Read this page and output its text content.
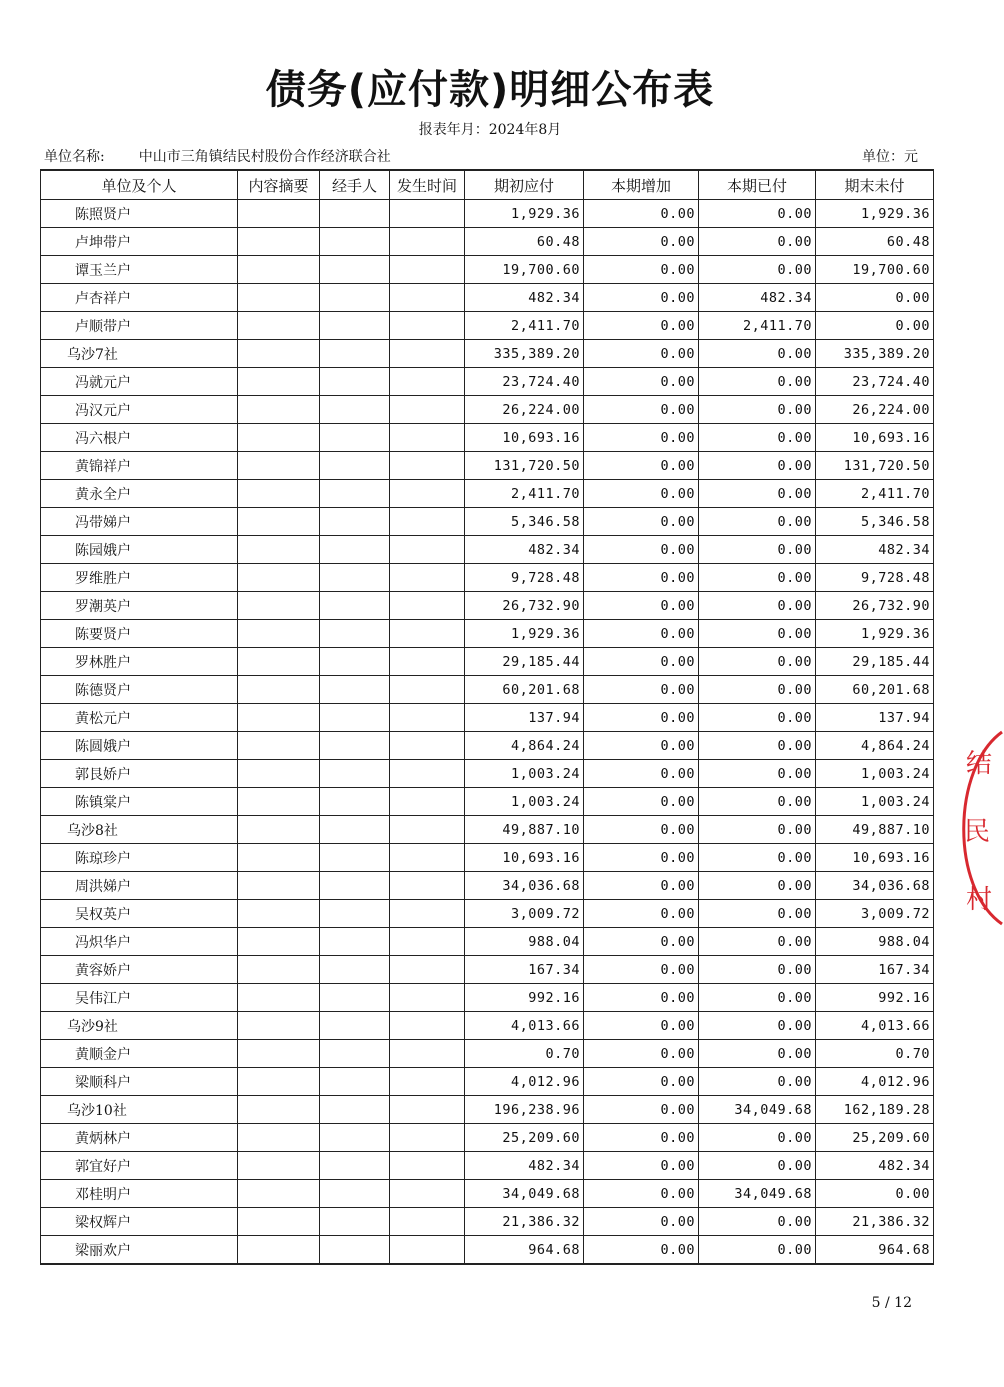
债务(应付款)明细公布表
报表年月：2024年8月
单位名称: 中山市三角镇结民村股份合作经济联合社	单位：元
单位及个人	内容摘要	经手人	发生时间	期初应付	本期增加	本期已付	期末未付
陈照贤户				1,929.36	0.00	0.00	1,929.36
卢坤带户				60.48	0.00	0.00	60.48
谭玉兰户				19,700.60	0.00	0.00	19,700.60
卢杏祥户				482.34	0.00	482.34	0.00
卢顺带户				2,411.70	0.00	2,411.70	0.00
乌沙7社				335,389.20	0.00	0.00	335,389.20
冯就元户				23,724.40	0.00	0.00	23,724.40
冯汉元户				26,224.00	0.00	0.00	26,224.00
冯六根户				10,693.16	0.00	0.00	10,693.16
黄锦祥户				131,720.50	0.00	0.00	131,720.50
黄永全户				2,411.70	0.00	0.00	2,411.70
冯带娣户				5,346.58	0.00	0.00	5,346.58
陈园娥户				482.34	0.00	0.00	482.34
罗维胜户				9,728.48	0.00	0.00	9,728.48
罗潮英户				26,732.90	0.00	0.00	26,732.90
陈要贤户				1,929.36	0.00	0.00	1,929.36
罗林胜户				29,185.44	0.00	0.00	29,185.44
陈德贤户				60,201.68	0.00	0.00	60,201.68
黄松元户				137.94	0.00	0.00	137.94
陈圆娥户				4,864.24	0.00	0.00	4,864.24
郭艮娇户				1,003.24	0.00	0.00	1,003.24
陈镇棠户				1,003.24	0.00	0.00	1,003.24
乌沙8社				49,887.10	0.00	0.00	49,887.10
陈琼珍户				10,693.16	0.00	0.00	10,693.16
周洪娣户				34,036.68	0.00	0.00	34,036.68
吴权英户				3,009.72	0.00	0.00	3,009.72
冯炽华户				988.04	0.00	0.00	988.04
黄容娇户				167.34	0.00	0.00	167.34
吴伟江户				992.16	0.00	0.00	992.16
乌沙9社				4,013.66	0.00	0.00	4,013.66
黄顺金户				0.70	0.00	0.00	0.70
梁顺科户				4,012.96	0.00	0.00	4,012.96
乌沙10社				196,238.96	0.00	34,049.68	162,189.28
黄炳林户				25,209.60	0.00	0.00	25,209.60
郭宜好户				482.34	0.00	0.00	482.34
邓桂明户				34,049.68	0.00	34,049.68	0.00
梁权辉户				21,386.32	0.00	0.00	21,386.32
梁丽欢户				964.68	0.00	0.00	964.68
结
民
村
5 / 12
